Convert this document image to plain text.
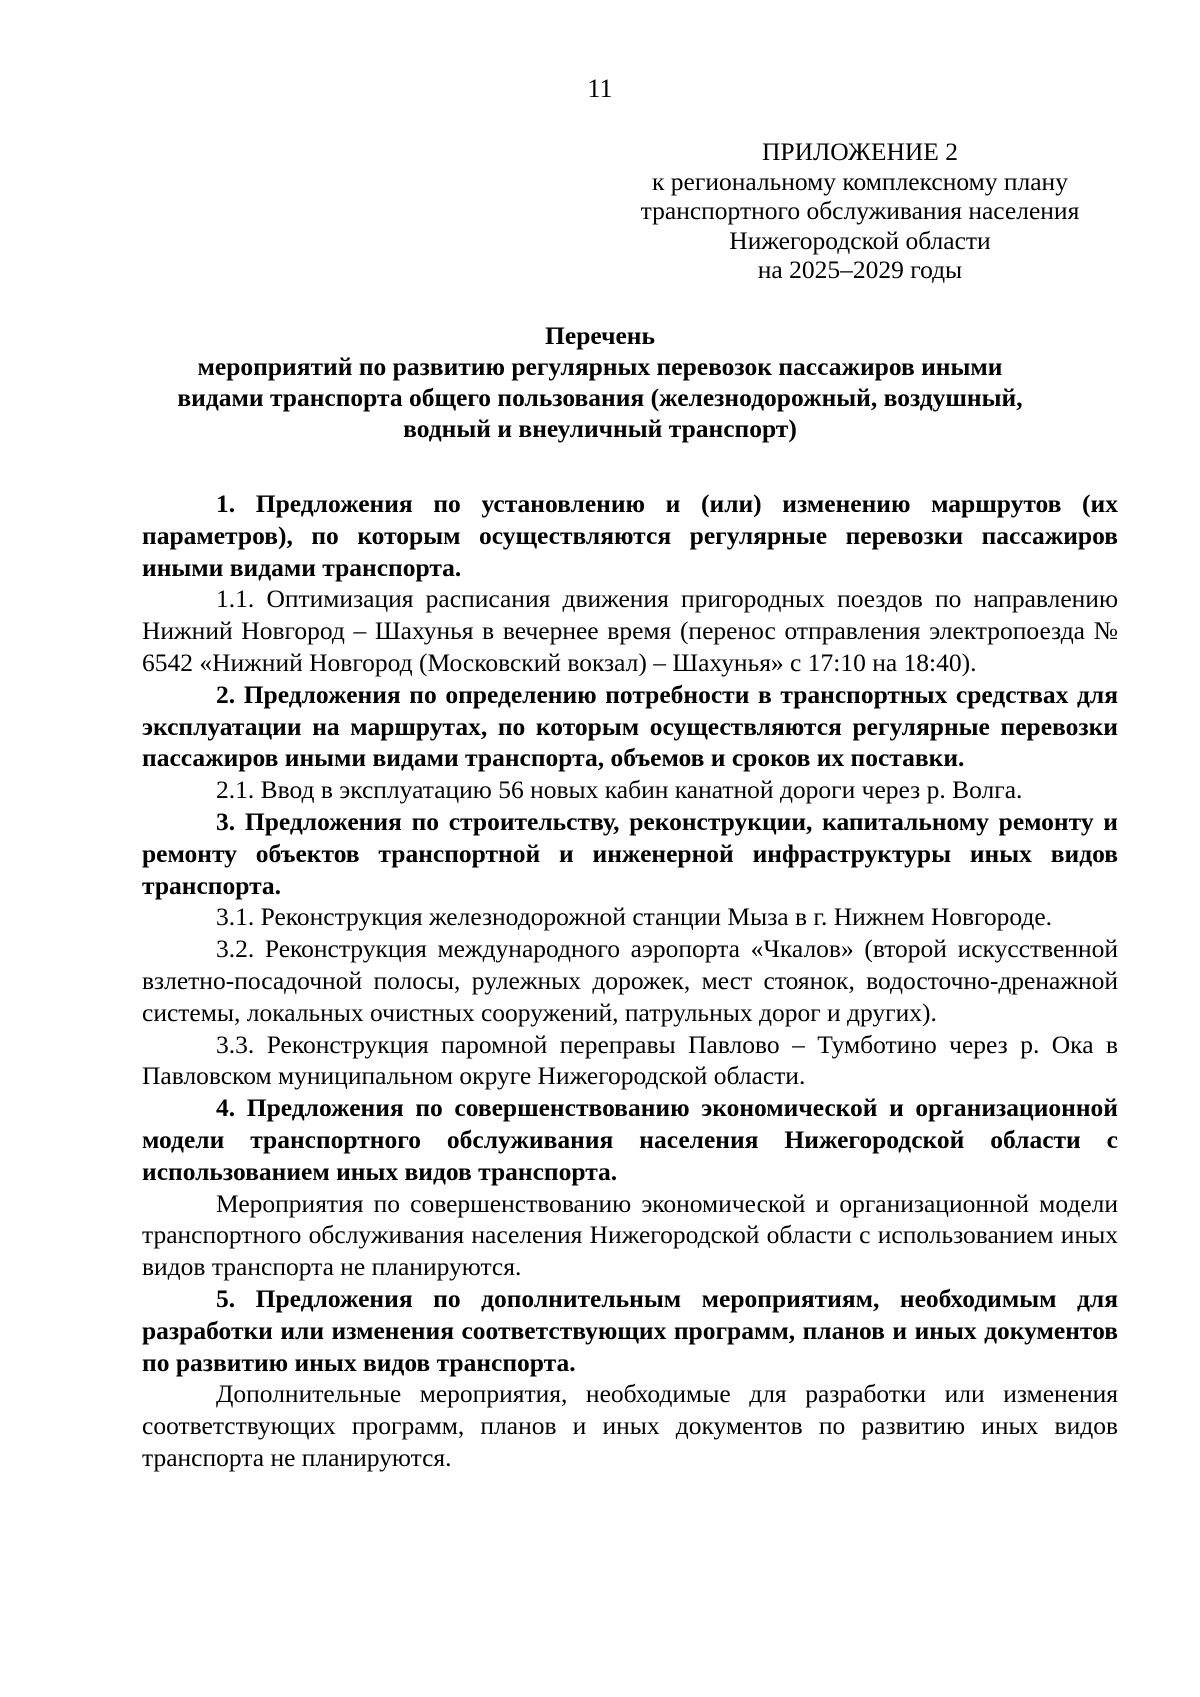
11
ПРИЛОЖЕНИЕ 2
к региональному комплексному плану
транспортного обслуживания населения
Нижегородской области
на 2025–2029 годы
Перечень
мероприятий по развитию регулярных перевозок пассажиров иными
видами транспорта общего пользования (железнодорожный, воздушный,
водный и внеуличный транспорт)

1. Предложения по установлению и (или) изменению маршрутов (их параметров), по которым осуществляются регулярные перевозки пассажиров иными видами транспорта.

1.1. Оптимизация расписания движения пригородных поездов по направлению Нижний Новгород – Шахунья в вечернее время (перенос отправления электропоезда № 6542 «Нижний Новгород (Московский вокзал) – Шахунья» с 17:10 на 18:40).

2. Предложения по определению потребности в транспортных средствах для эксплуатации на маршрутах, по которым осуществляются регулярные перевозки пассажиров иными видами транспорта, объемов и сроков их поставки.

2.1. Ввод в эксплуатацию 56 новых кабин канатной дороги через р. Волга.

3. Предложения по строительству, реконструкции, капитальному ремонту и ремонту объектов транспортной и инженерной инфраструктуры иных видов транспорта.

3.1. Реконструкция железнодорожной станции Мыза в г. Нижнем Новгороде.

3.2. Реконструкция международного аэропорта «Чкалов» (второй искусственной взлетно-посадочной полосы, рулежных дорожек, мест стоянок, водосточно-дренажной системы, локальных очистных сооружений, патрульных дорог и других).

3.3. Реконструкция паромной переправы Павлово – Тумботино через р. Ока в Павловском муниципальном округе Нижегородской области.

4. Предложения по совершенствованию экономической и организационной модели транспортного обслуживания населения Нижегородской области с использованием иных видов транспорта.

Мероприятия по совершенствованию экономической и организационной модели транспортного обслуживания населения Нижегородской области с использованием иных видов транспорта не планируются.

5. Предложения по дополнительным мероприятиям, необходимым для разработки или изменения соответствующих программ, планов и иных документов по развитию иных видов транспорта.

Дополнительные мероприятия, необходимые для разработки или изменения соответствующих программ, планов и иных документов по развитию иных видов транспорта не планируются.
